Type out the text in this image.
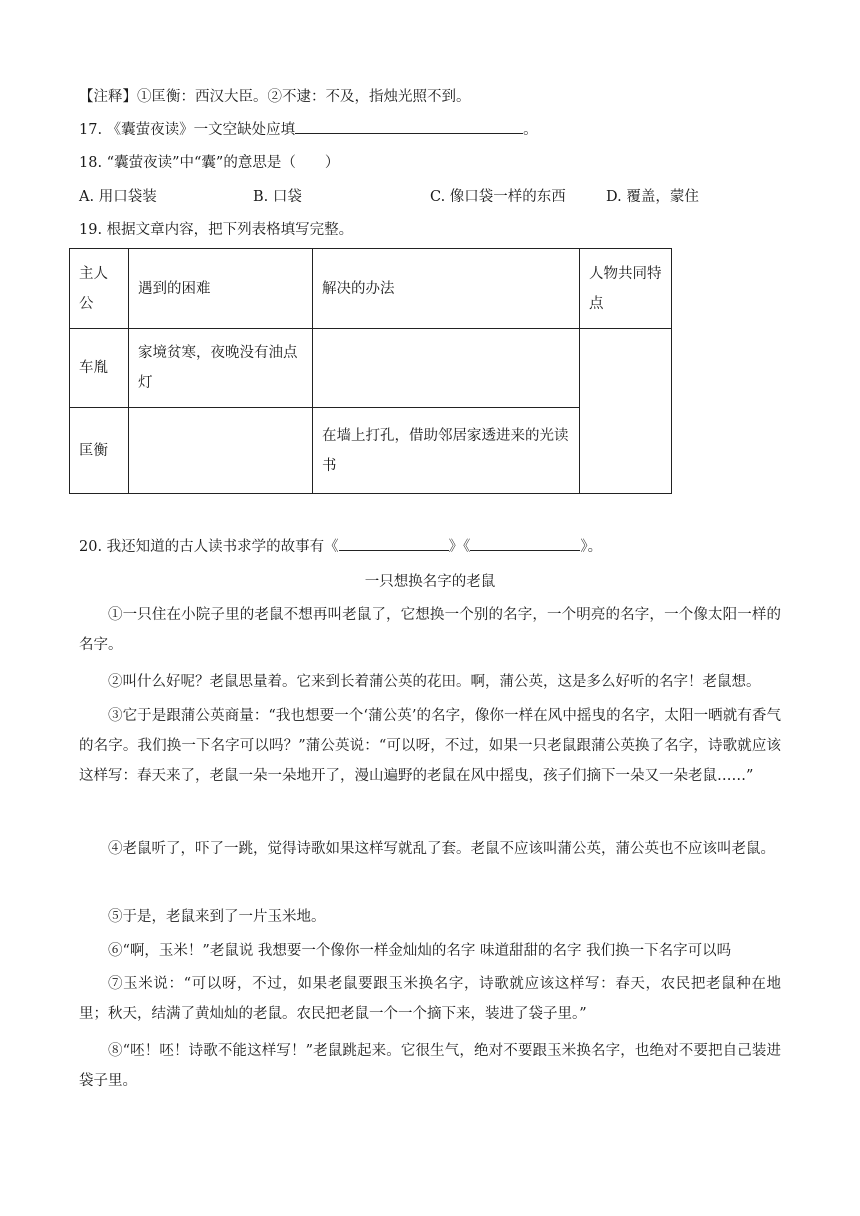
【注释】①匡衡：西汉大臣。②不逮：不及，指烛光照不到。
17. 《囊萤夜读》一文空缺处应填	。
18. “囊萤夜读”中“囊”的意思是（　　）
A. 用口袋装	B. 口袋	C. 像口袋一样的东西	D. 覆盖，蒙住
19. 根据文章内容，把下列表格填写完整。
主人公	遇到的困难	解决的办法	人物共同特点
车胤	家境贫寒，夜晚没有油点灯		
匡衡		在墙上打孔，借助邻居家透进来的光读书	
20. 我还知道的古人读书求学的故事有《	》《	》。
一只想换名字的老鼠
①一只住在小院子里的老鼠不想再叫老鼠了，它想换一个别的名字，一个明亮的名字，一个像太阳一样的名字。
②叫什么好呢？老鼠思量着。它来到长着蒲公英的花田。啊，蒲公英，这是多么好听的名字！老鼠想。
③它于是跟蒲公英商量：“我也想要一个‘蒲公英’的名字，像你一样在风中摇曳的名字，太阳一晒就有香气的名字。我们换一下名字可以吗？”蒲公英说：“可以呀，不过，如果一只老鼠跟蒲公英换了名字，诗歌就应该这样写：春天来了，老鼠一朵一朵地开了，漫山遍野的老鼠在风中摇曳，孩子们摘下一朵又一朵老鼠……”
④老鼠听了，吓了一跳，觉得诗歌如果这样写就乱了套。老鼠不应该叫蒲公英，蒲公英也不应该叫老鼠。
⑤于是，老鼠来到了一片玉米地。
⑥“啊，玉米！”老鼠说 我想要一个像你一样金灿灿的名字 味道甜甜的名字 我们换一下名字可以吗
⑦玉米说：“可以呀，不过，如果老鼠要跟玉米换名字，诗歌就应该这样写：春天，农民把老鼠种在地里；秋天，结满了黄灿灿的老鼠。农民把老鼠一个一个摘下来，装进了袋子里。”
⑧“呸！呸！诗歌不能这样写！”老鼠跳起来。它很生气，绝对不要跟玉米换名字，也绝对不要把自己装进袋子里。
